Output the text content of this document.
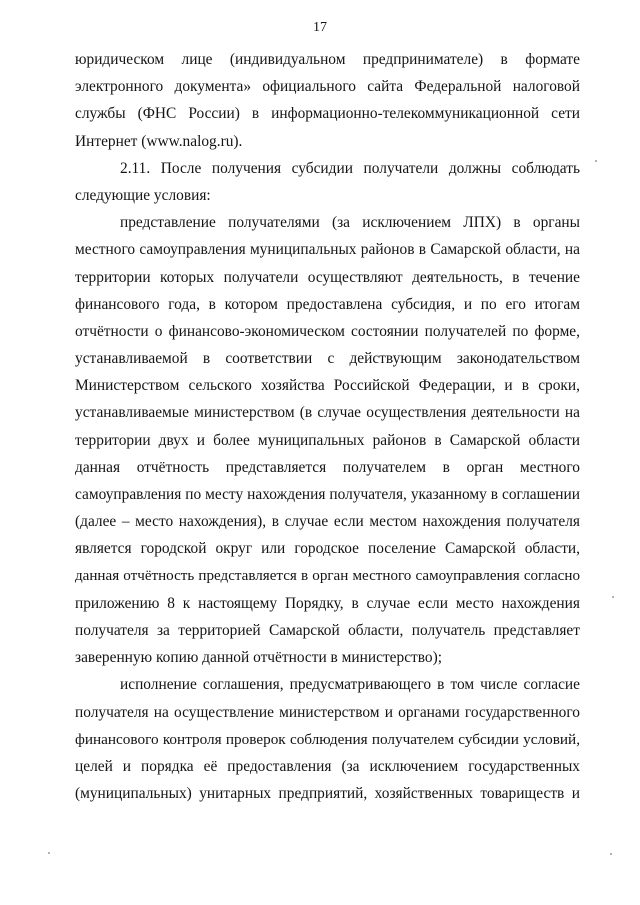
17
юридическом лице (индивидуальном предпринимателе) в формате
электронного документа» официального сайта Федеральной налоговой
службы (ФНС России) в информационно-телекоммуникационной сети
Интернет (www.nalog.ru).
2.11. После получения субсидии получатели должны соблюдать
следующие условия:
представление получателями (за исключением ЛПХ) в органы
местного самоуправления муниципальных районов в Самарской области, на
территории которых получатели осуществляют деятельность, в течение
финансового года, в котором предоставлена субсидия, и по его итогам
отчётности о финансово-экономическом состоянии получателей по форме,
устанавливаемой в соответствии с действующим законодательством
Министерством сельского хозяйства Российской Федерации, и в сроки,
устанавливаемые министерством (в случае осуществления деятельности на
территории двух и более муниципальных районов в Самарской области
данная отчётность представляется получателем в орган местного
самоуправления по месту нахождения получателя, указанному в соглашении
(далее – место нахождения), в случае если местом нахождения получателя
является городской округ или городское поселение Самарской области,
данная отчётность представляется в орган местного самоуправления согласно
приложению 8 к настоящему Порядку, в случае если место нахождения
получателя за территорией Самарской области, получатель представляет
заверенную копию данной отчётности в министерство);
исполнение соглашения, предусматривающего в том числе согласие
получателя на осуществление министерством и органами государственного
финансового контроля проверок соблюдения получателем субсидии условий,
целей и порядка её предоставления (за исключением государственных
(муниципальных) унитарных предприятий, хозяйственных товариществ и
